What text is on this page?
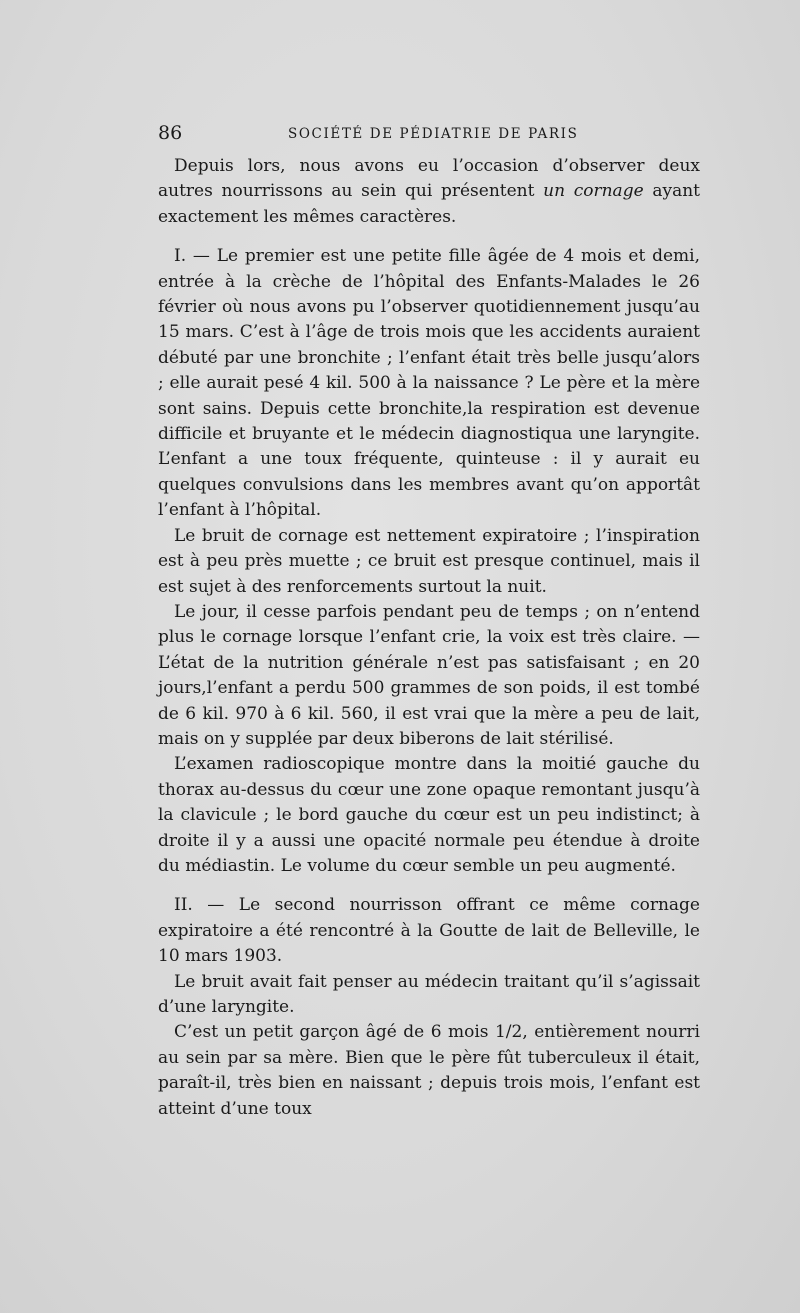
86	SOCIÉTÉ DE PÉDIATRIE DE PARIS

Depuis lors, nous avons eu l’occasion d’observer deux autres nourrissons au sein qui présentent un cornage ayant exactement les mêmes caractères.

I. — Le premier est une petite fille âgée de 4 mois et demi, entrée à la crèche de l’hôpital des Enfants-Malades le 26 février où nous avons pu l’observer quotidiennement jusqu’au 15 mars. C’est à l’âge de trois mois que les accidents auraient débuté par une bronchite ; l’enfant était très belle jusqu’alors ; elle aurait pesé 4 kil. 500 à la naissance ? Le père et la mère sont sains. Depuis cette bronchite,la respiration est devenue difficile et bruyante et le médecin diagnostiqua une laryngite. L’enfant a une toux fréquente, quinteuse : il y aurait eu quelques convulsions dans les membres avant qu’on apportât l’enfant à l’hôpital.

Le bruit de cornage est nettement expiratoire ; l’inspiration est à peu près muette ; ce bruit est presque continuel, mais il est sujet à des renforcements surtout la nuit.

Le jour, il cesse parfois pendant peu de temps ; on n’entend plus le cornage lorsque l’enfant crie, la voix est très claire. — L’état de la nutrition générale n’est pas satisfaisant ; en 20 jours,l’enfant a perdu 500 grammes de son poids, il est tombé de 6 kil. 970 à 6 kil. 560, il est vrai que la mère a peu de lait, mais on y supplée par deux biberons de lait stérilisé.

L’examen radioscopique montre dans la moitié gauche du thorax au-dessus du cœur une zone opaque remontant jusqu’à la clavicule ; le bord gauche du cœur est un peu indistinct; à droite il y a aussi une opacité normale peu étendue à droite du médiastin. Le volume du cœur semble un peu augmenté.

II. — Le second nourrisson offrant ce même cornage expiratoire a été rencontré à la Goutte de lait de Belleville, le 10 mars 1903.

Le bruit avait fait penser au médecin traitant qu’il s’agissait d’une laryngite.

C’est un petit garçon âgé de 6 mois 1/2, entièrement nourri au sein par sa mère. Bien que le père fût tuberculeux il était, paraît-il, très bien en naissant ; depuis trois mois, l’enfant est atteint d’une toux
